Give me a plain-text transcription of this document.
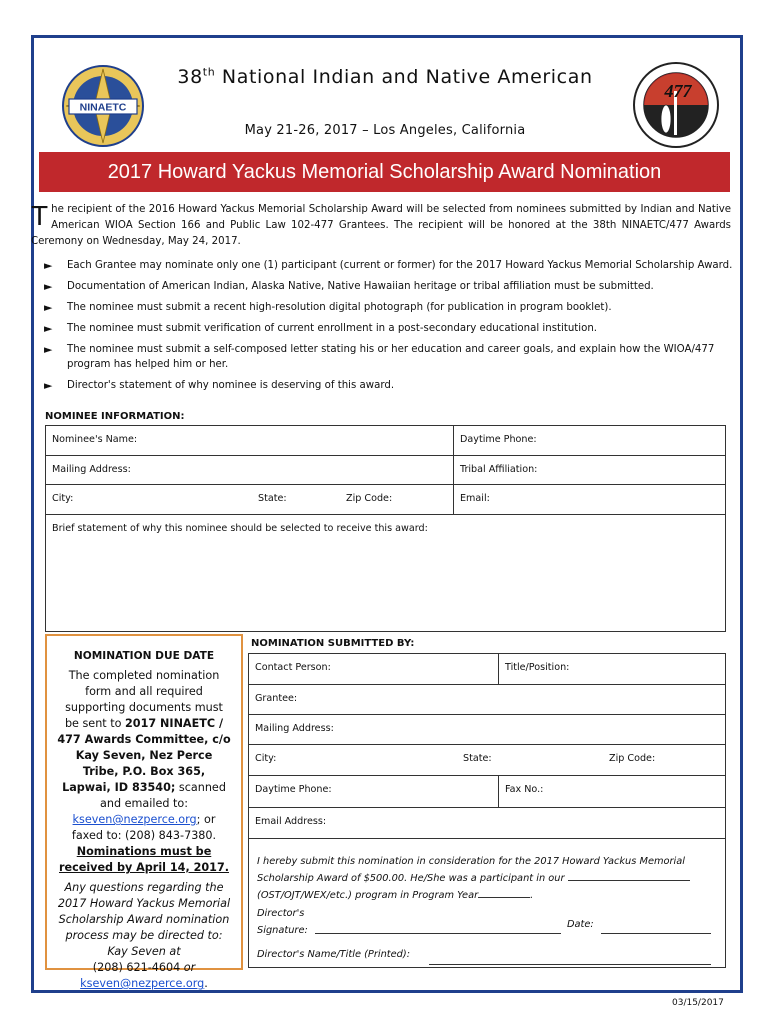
NINAETC
477
38th National Indian and Native American
May 21-26, 2017 – Los Angeles, California
2017 Howard Yackus Memorial Scholarship Award Nomination
The recipient of the 2016 Howard Yackus Memorial Scholarship Award will be selected from nominees submitted by Indian and Native American WIOA Section 166 and Public Law 102-477 Grantees. The recipient will be honored at the 38th NINAETC/477 Awards Ceremony on Wednesday, May 24, 2017.
► Each Grantee may nominate only one (1) participant (current or former) for the 2017 Howard Yackus Memorial Scholarship Award.
► Documentation of American Indian, Alaska Native, Native Hawaiian heritage or tribal affiliation must be submitted.
► The nominee must submit a recent high-resolution digital photograph (for publication in program booklet).
► The nominee must submit verification of current enrollment in a post-secondary educational institution.
► The nominee must submit a self-composed letter stating his or her education and career goals, and explain how the WIOA/477 program has helped him or her.
► Director's statement of why nominee is deserving of this award.
NOMINEE INFORMATION:
Nominee's Name:	Daytime Phone:
Mailing Address:	Tribal Affiliation:
City:	State:	Zip Code:	Email:
Brief statement of why this nominee should be selected to receive this award:
NOMINATION DUE DATE
The completed nomination form and all required supporting documents must be sent to 2017 NINAETC / 477 Awards Committee, c/o Kay Seven, Nez Perce Tribe, P.O. Box 365, Lapwai, ID 83540; scanned and emailed to: kseven@nezperce.org; or faxed to: (208) 843-7380.
Nominations must be received by April 14, 2017.
Any questions regarding the 2017 Howard Yackus Memorial Scholarship Award nomination process may be directed to: Kay Seven at
(208) 621-4604 or
kseven@nezperce.org.
NOMINATION SUBMITTED BY:
Contact Person:	Title/Position:
Grantee:
Mailing Address:
City:	State:	Zip Code:
Daytime Phone:	Fax No.:
Email Address:
I hereby submit this nomination in consideration for the 2017 Howard Yackus Memorial Scholarship Award of $500.00. He/She was a participant in our
(OST/OJT/WEX/etc.) program in Program Year	.
Director's
Signature:
Date:
Director's Name/Title (Printed):
03/15/2017
